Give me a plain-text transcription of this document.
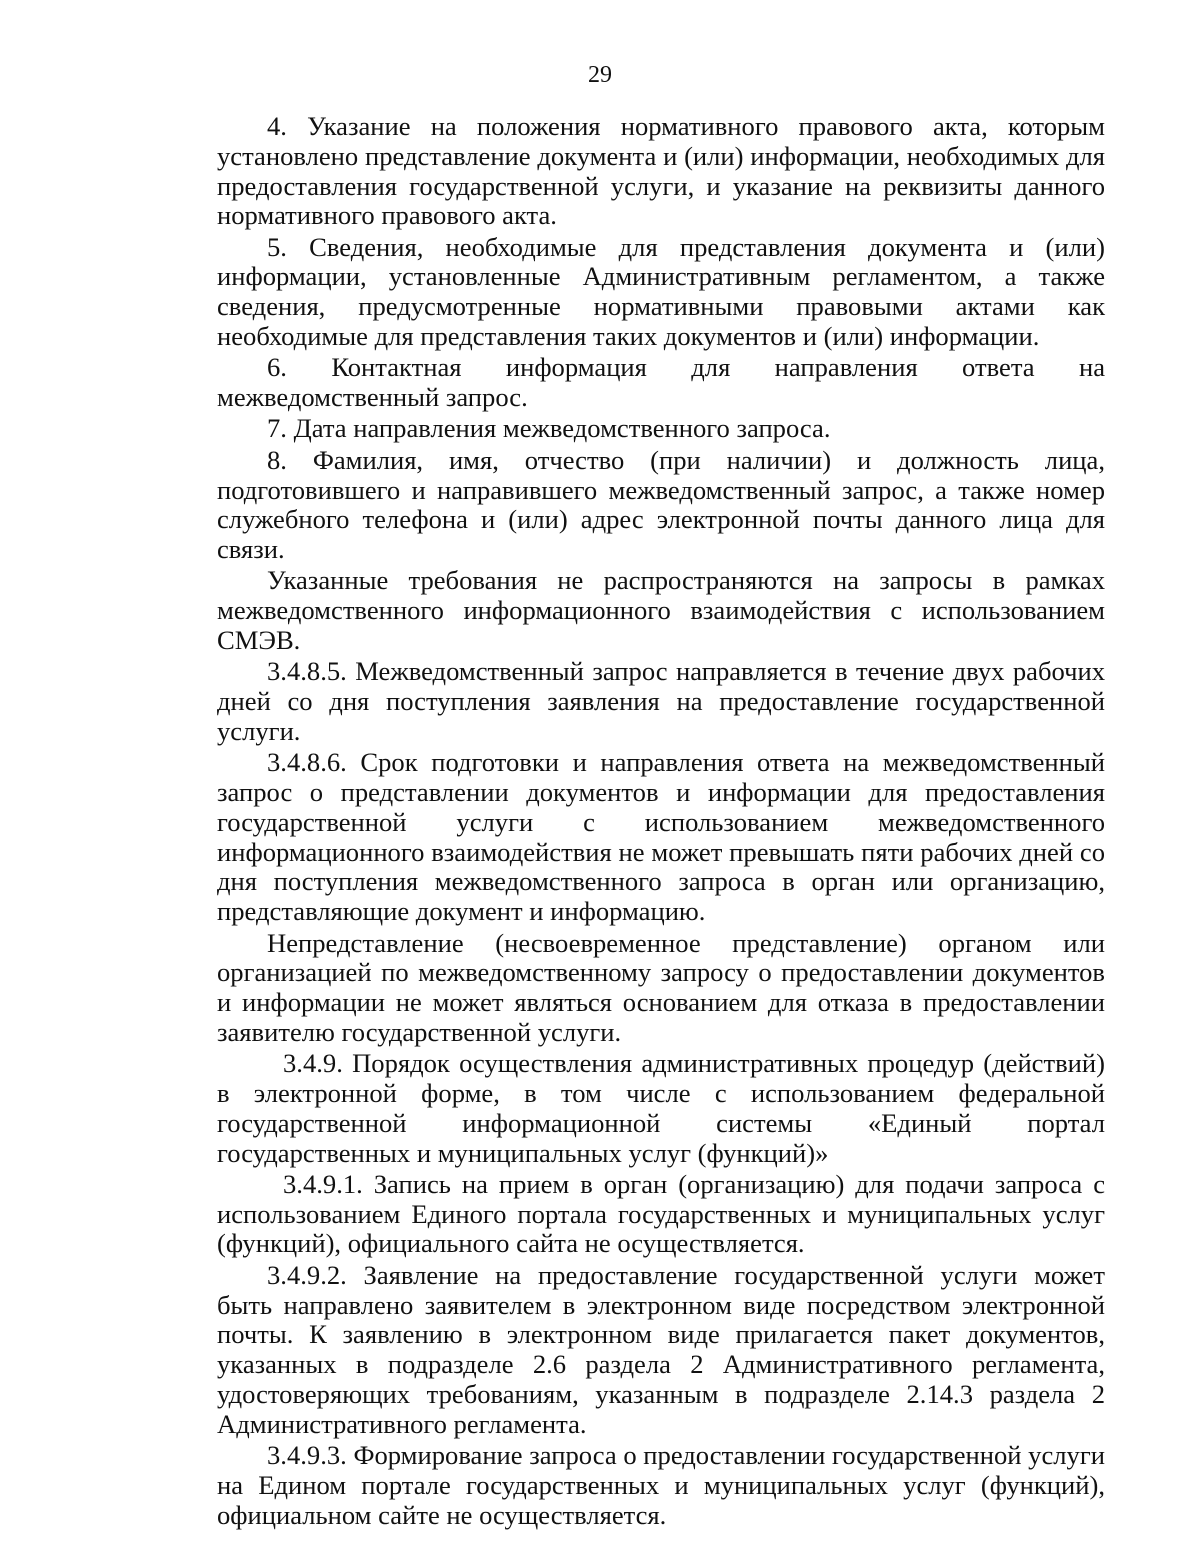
29

4. Указание на положения нормативного правового акта, которым установлено представление документа и (или) информации, необходимых для предоставления государственной услуги, и указание на реквизиты данного нормативного правового акта.

5. Сведения, необходимые для представления документа и (или) информации, установленные Административным регламентом, а также сведения, предусмотренные нормативными правовыми актами как необходимые для представления таких документов и (или) информации.

6. Контактная информация для направления ответа на межведомственный запрос.

7. Дата направления межведомственного запроса.

8. Фамилия, имя, отчество (при наличии) и должность лица, подготовившего и направившего межведомственный запрос, а также номер служебного телефона и (или) адрес электронной почты данного лица для связи.

Указанные требования не распространяются на запросы в рамках межведомственного информационного взаимодействия с использованием СМЭВ.

3.4.8.5. Межведомственный запрос направляется в течение двух рабочих дней со дня поступления заявления на предоставление государственной услуги.

3.4.8.6. Срок подготовки и направления ответа на межведомственный запрос о представлении документов и информации для предоставления государственной услуги с использованием межведомственного информационного взаимодействия не может превышать пяти рабочих дней со дня поступления межведомственного запроса в орган или организацию, представляющие документ и информацию.

Непредставление (несвоевременное представление) органом или организацией по межведомственному запросу о предоставлении документов и информации не может являться основанием для отказа в предоставлении заявителю государственной услуги.

3.4.9. Порядок осуществления административных процедур (действий) в электронной форме, в том числе с использованием федеральной государственной информационной системы «Единый портал государственных и муниципальных услуг (функций)»

3.4.9.1. Запись на прием в орган (организацию) для подачи запроса с использованием Единого портала государственных и муниципальных услуг (функций), официального сайта не осуществляется.

3.4.9.2. Заявление на предоставление государственной услуги может быть направлено заявителем в электронном виде посредством электронной почты. К заявлению в электронном виде прилагается пакет документов, указанных в подразделе 2.6 раздела 2 Административного регламента, удостоверяющих требованиям, указанным в подразделе 2.14.3 раздела 2 Административного регламента.

3.4.9.3. Формирование запроса о предоставлении государственной услуги на Едином портале государственных и муниципальных услуг (функций), официальном сайте не осуществляется.
